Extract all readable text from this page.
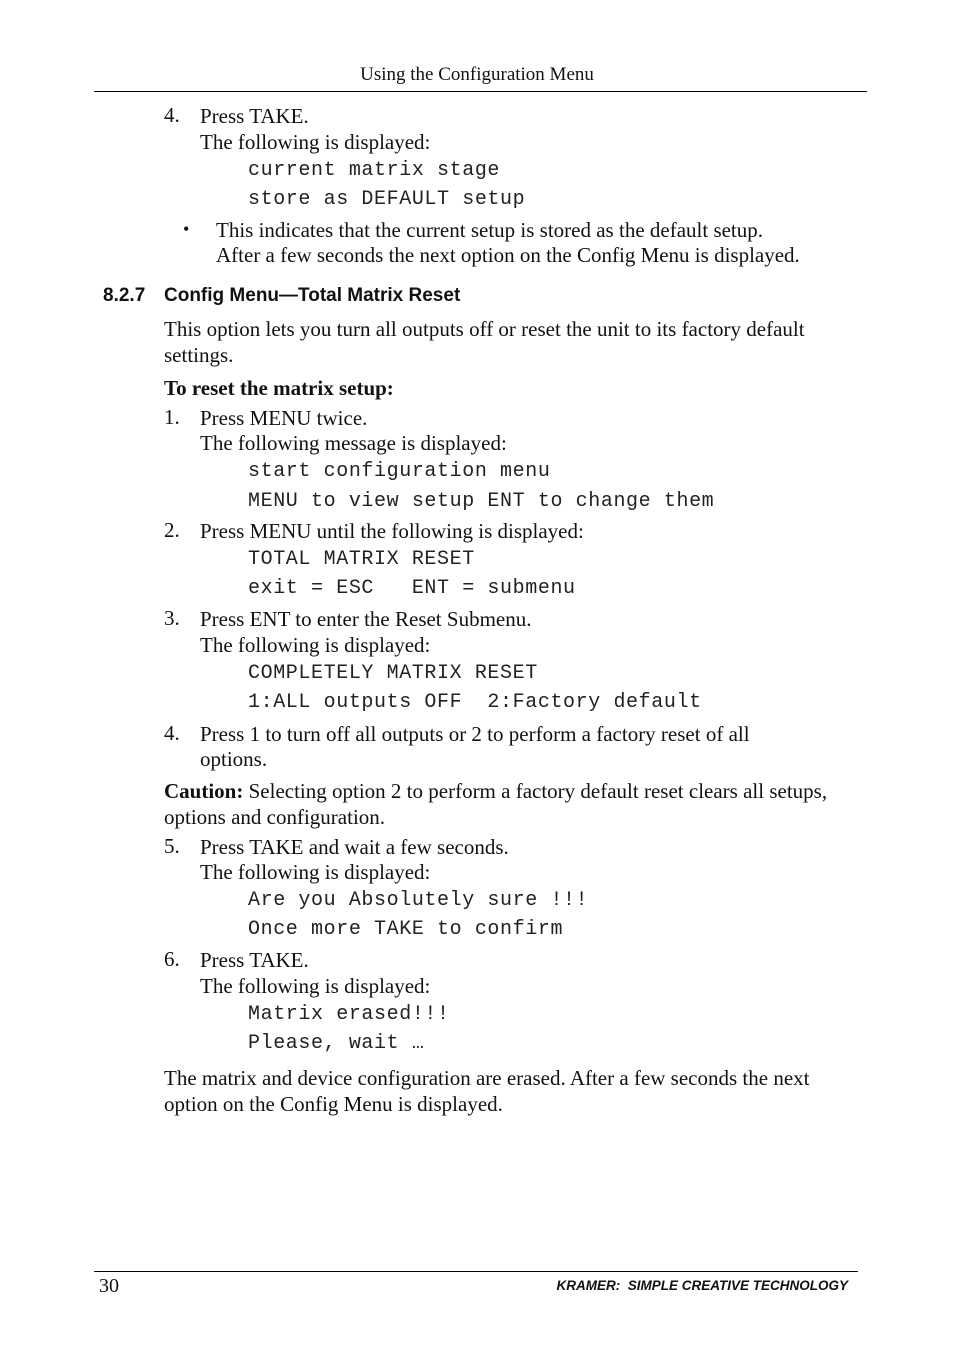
Using the Configuration Menu
4. Press TAKE.
The following is displayed:
current matrix stage
store as DEFAULT setup
• This indicates that the current setup is stored as the default setup.
After a few seconds the next option on the Config Menu is displayed.
8.2.7 Config Menu—Total Matrix Reset
This option lets you turn all outputs off or reset the unit to its factory default settings.
To reset the matrix setup:
1. Press MENU twice.
The following message is displayed:
start configuration menu
MENU to view setup ENT to change them
2. Press MENU until the following is displayed:
TOTAL MATRIX RESET
exit = ESC   ENT = submenu
3. Press ENT to enter the Reset Submenu.
The following is displayed:
COMPLETELY MATRIX RESET
1:ALL outputs OFF  2:Factory default
4. Press 1 to turn off all outputs or 2 to perform a factory reset of all
options.
Caution: Selecting option 2 to perform a factory default reset clears all setups, options and configuration.
5. Press TAKE and wait a few seconds.
The following is displayed:
Are you Absolutely sure !!!
Once more TAKE to confirm
6. Press TAKE.
The following is displayed:
Matrix erased!!!
Please, wait …
The matrix and device configuration are erased. After a few seconds the next option on the Config Menu is displayed.
30	KRAMER:  SIMPLE CREATIVE TECHNOLOGY
